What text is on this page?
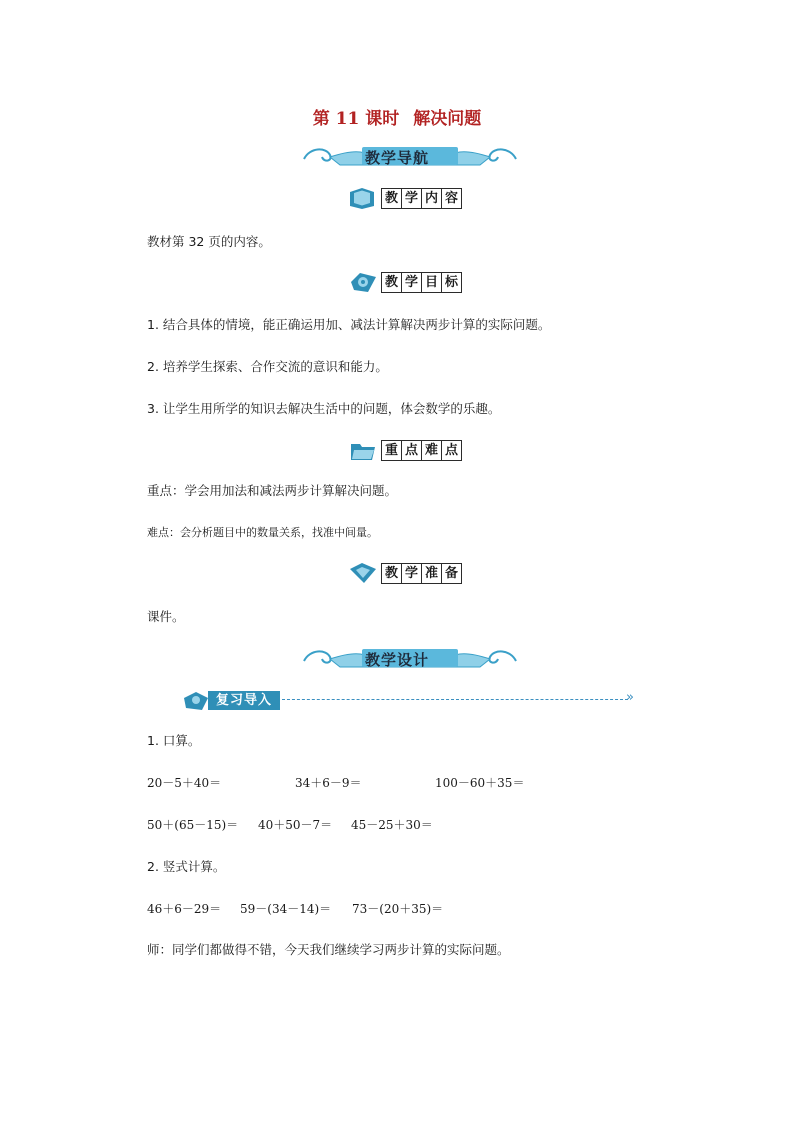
第 11 课时 解决问题
教学导航
教 学 内 容
教材第 32 页的内容。
教 学 目 标
1. 结合具体的情境，能正确运用加、减法计算解决两步计算的实际问题。
2. 培养学生探索、合作交流的意识和能力。
3. 让学生用所学的知识去解决生活中的问题，体会数学的乐趣。
重 点 难 点
重点：学会用加法和减法两步计算解决问题。
难点：会分析题目中的数量关系，找准中间量。
教 学 准 备
课件。
教学设计
复习导入	»
1. 口算。
20－5＋40＝	34＋6－9＝	100－60＋35＝
50＋(65－15)＝ 40＋50－7＝ 45－25＋30＝
2. 竖式计算。
46＋6－29＝ 59－(34－14)＝ 73－(20＋35)＝
师：同学们都做得不错，今天我们继续学习两步计算的实际问题。
